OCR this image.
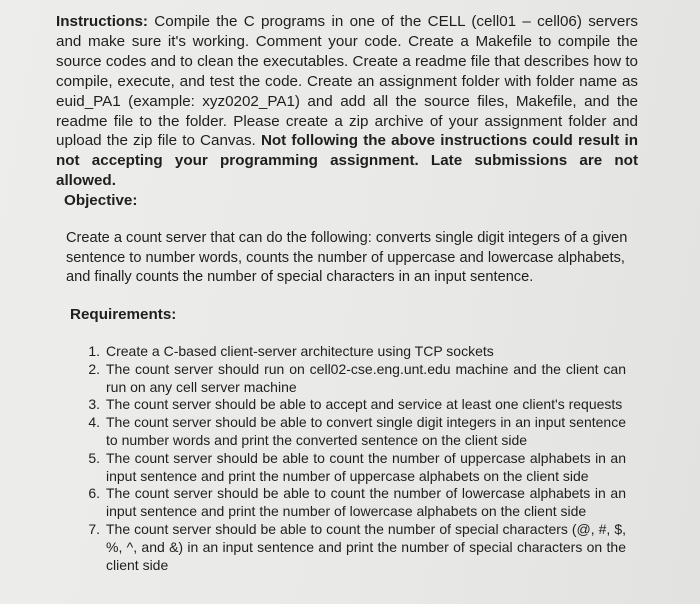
Instructions: Compile the C programs in one of the CELL (cell01 – cell06) servers and make sure it's working. Comment your code. Create a Makefile to compile the source codes and to clean the executables. Create a readme file that describes how to compile, execute, and test the code. Create an assignment folder with folder name as euid_PA1 (example: xyz0202_PA1) and add all the source files, Makefile, and the readme file to the folder. Please create a zip archive of your assignment folder and upload the zip file to Canvas. Not following the above instructions could result in not accepting your programming assignment. Late submissions are not allowed.

Objective:

Create a count server that can do the following: converts single digit integers of a given sentence to number words, counts the number of uppercase and lowercase alphabets, and finally counts the number of special characters in an input sentence.

Requirements:
1. Create a C-based client-server architecture using TCP sockets
2. The count server should run on cell02-cse.eng.unt.edu machine and the client can run on any cell server machine
3. The count server should be able to accept and service at least one client's requests
4. The count server should be able to convert single digit integers in an input sentence to number words and print the converted sentence on the client side
5. The count server should be able to count the number of uppercase alphabets in an input sentence and print the number of uppercase alphabets on the client side
6. The count server should be able to count the number of lowercase alphabets in an input sentence and print the number of lowercase alphabets on the client side
7. The count server should be able to count the number of special characters (@, #, $, %, ^, and &) in an input sentence and print the number of special characters on the client side
